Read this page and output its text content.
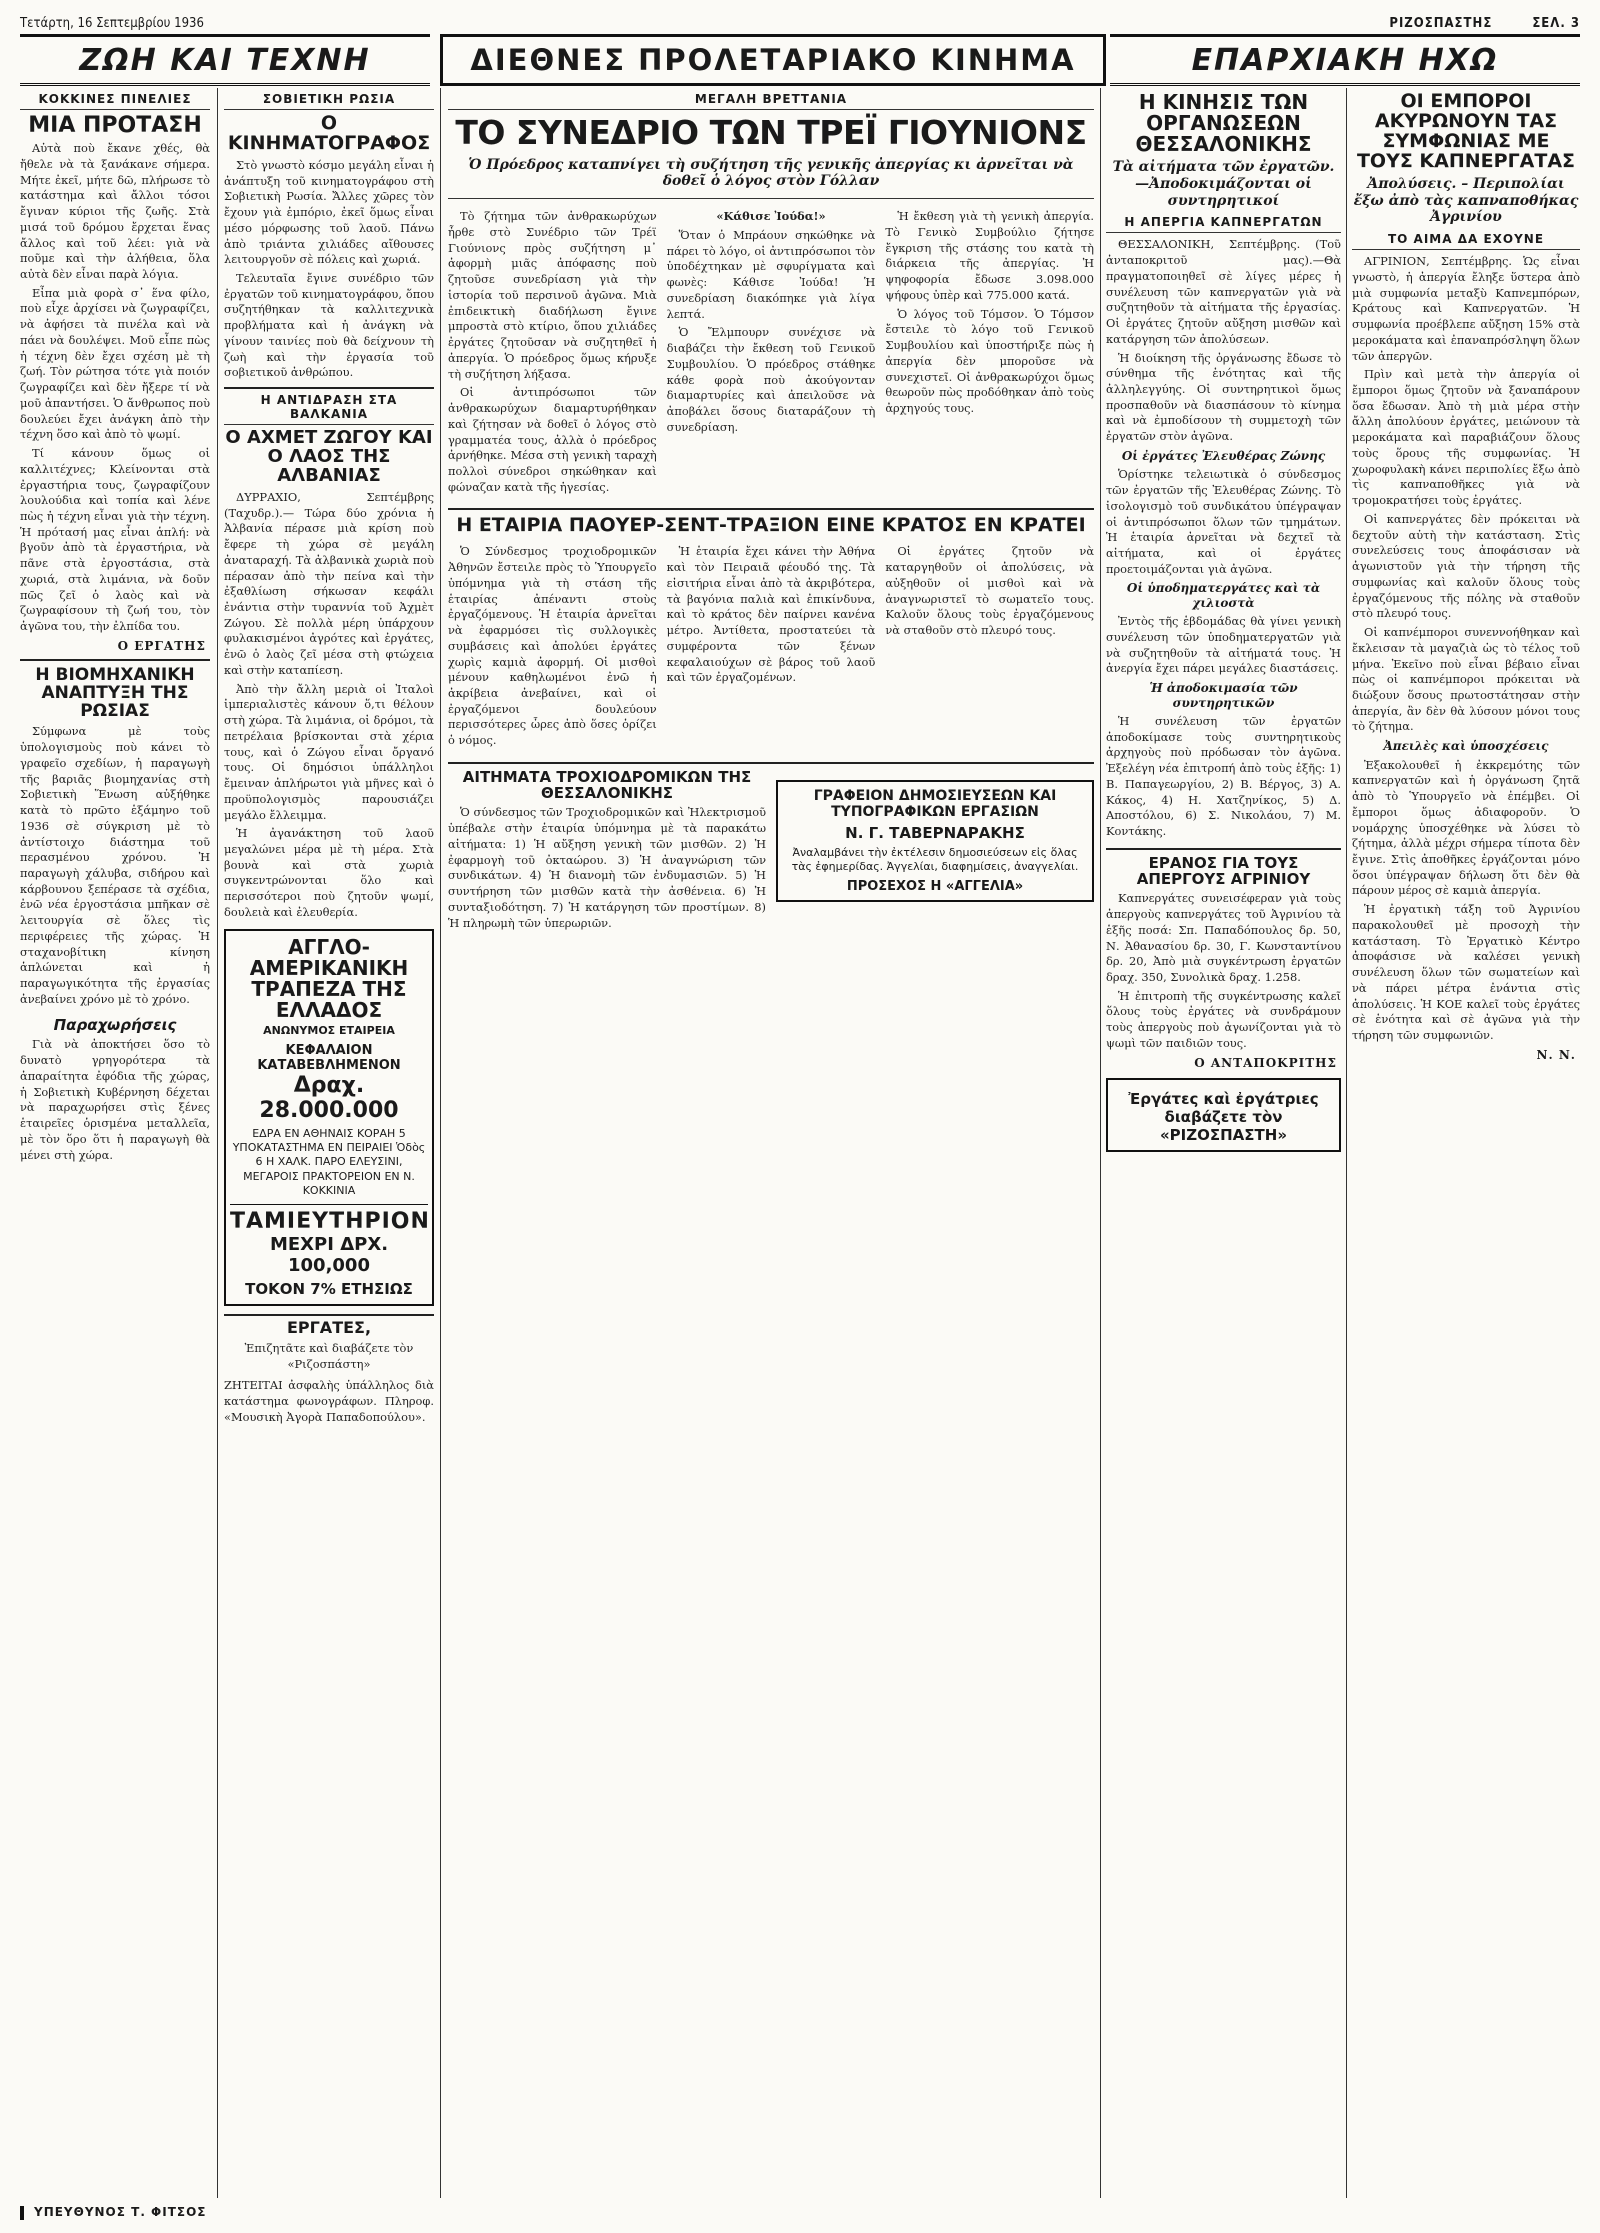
Τετάρτη, 16 Σεπτεμβρίου 1936	ΡΙΖΟΣΠΑΣΤΗΣ	ΣΕΛ. 3
ΖΩΗ ΚΑΙ ΤΕΧΝΗ	ΔΙΕΘΝΕΣ ΠΡΟΛΕΤΑΡΙΑΚΟ ΚΙΝΗΜΑ	ΕΠΑΡΧΙΑΚΗ ΗΧΩ
ΚΟΚΚΙΝΕΣ ΠΙΝΕΛΙΕΣ
ΜΙΑ ΠΡΟΤΑΣΗ

Αὐτὰ ποὺ ἔκανε χθές, θὰ ἤθελε νὰ τὰ ξανάκανε σήμερα. Μήτε ἐκεῖ, μήτε δῶ, πλήρωσε τὸ κατάστημα καὶ ἄλλοι τόσοι ἔγιναν κύριοι τῆς ζωῆς. Στὰ μισά τοῦ δρόμου ἔρχεται ἕνας ἄλλος καὶ τοῦ λέει: γιὰ νὰ ποῦμε καὶ τὴν ἀλήθεια, ὅλα αὐτὰ δὲν εἶναι παρὰ λόγια.

Εἶπα μιὰ φορὰ σ᾿ ἕνα φίλο, ποὺ εἶχε ἀρχίσει νὰ ζωγραφίζει, νὰ ἀφήσει τὰ πινέλα καὶ νὰ πάει νὰ δουλέψει. Μοῦ εἶπε πὼς ἡ τέχνη δὲν ἔχει σχέση μὲ τὴ ζωή. Τὸν ρώτησα τότε γιὰ ποιόν ζωγραφίζει καὶ δὲν ἤξερε τί νὰ μοῦ ἀπαντήσει. Ὁ ἄνθρωπος ποὺ δουλεύει ἔχει ἀνάγκη ἀπὸ τὴν τέχνη ὅσο καὶ ἀπὸ τὸ ψωμί.

Τί κάνουν ὅμως οἱ καλλιτέχνες; Κλείνονται στὰ ἐργαστήρια τους, ζωγραφίζουν λουλούδια καὶ τοπία καὶ λένε πὼς ἡ τέχνη εἶναι γιὰ τὴν τέχνη. Ἡ πρότασή μας εἶναι ἁπλή: νὰ βγοῦν ἀπὸ τὰ ἐργαστήρια, νὰ πᾶνε στὰ ἐργοστάσια, στὰ χωριά, στὰ λιμάνια, νὰ δοῦν πῶς ζεῖ ὁ λαὸς καὶ νὰ ζωγραφίσουν τὴ ζωή του, τὸν ἀγῶνα του, τὴν ἐλπίδα του.

Ο ΕΡΓΑΤΗΣ
Η ΒΙΟΜΗΧΑΝΙΚΗ ΑΝΑΠΤΥΞΗ ΤΗΣ ΡΩΣΙΑΣ

Σύμφωνα μὲ τοὺς ὑπολογισμοὺς ποὺ κάνει τὸ γραφεῖο σχεδίων, ἡ παραγωγὴ τῆς βαριᾶς βιομηχανίας στὴ Σοβιετικὴ Ἕνωση αὐξήθηκε κατὰ τὸ πρῶτο ἑξάμηνο τοῦ 1936 σὲ σύγκριση μὲ τὸ ἀντίστοιχο διάστημα τοῦ περασμένου χρόνου. Ἡ παραγωγὴ χάλυβα, σιδήρου καὶ κάρβουνου ξεπέρασε τὰ σχέδια, ἐνῶ νέα ἐργοστάσια μπῆκαν σὲ λειτουργία σὲ ὅλες τὶς περιφέρειες τῆς χώρας. Ἡ σταχανοβίτικη κίνηση ἁπλώνεται καὶ ἡ παραγωγικότητα τῆς ἐργασίας ἀνεβαίνει χρόνο μὲ τὸ χρόνο.

Παραχωρήσεις

Γιὰ νὰ ἀποκτήσει ὅσο τὸ δυνατὸ γρηγορότερα τὰ ἀπαραίτητα ἐφόδια τῆς χώρας, ἡ Σοβιετικὴ Κυβέρνηση δέχεται νὰ παραχωρήσει στὶς ξένες ἑταιρεῖες ὁρισμένα μεταλλεῖα, μὲ τὸν ὅρο ὅτι ἡ παραγωγὴ θὰ μένει στὴ χώρα.

ΣΟΒΙΕΤΙΚΗ ΡΩΣΙΑ
Ο ΚΙΝΗΜΑΤΟΓΡΑΦΟΣ

Στὸ γνωστὸ κόσμο μεγάλη εἶναι ἡ ἀνάπτυξη τοῦ κινηματογράφου στὴ Σοβιετικὴ Ρωσία. Ἄλλες χῶρες τὸν ἔχουν γιὰ ἐμπόριο, ἐκεῖ ὅμως εἶναι μέσο μόρφωσης τοῦ λαοῦ. Πάνω ἀπὸ τριάντα χιλιάδες αἴθουσες λειτουργοῦν σὲ πόλεις καὶ χωριά.

Τελευταῖα ἔγινε συνέδριο τῶν ἐργατῶν τοῦ κινηματογράφου, ὅπου συζητήθηκαν τὰ καλλιτεχνικὰ προβλήματα καὶ ἡ ἀνάγκη νὰ γίνουν ταινίες ποὺ θὰ δείχνουν τὴ ζωὴ καὶ τὴν ἐργασία τοῦ σοβιετικοῦ ἀνθρώπου.

Η ΑΝΤΙΔΡΑΣΗ ΣΤΑ ΒΑΛΚΑΝΙΑ
Ο ΑΧΜΕΤ ΖΩΓΟΥ ΚΑΙ Ο ΛΑΟΣ ΤΗΣ ΑΛΒΑΝΙΑΣ

ΔΥΡΡΑΧΙΟ, Σεπτέμβρης (Ταχυδρ.).— Τώρα δύο χρόνια ἡ Ἀλβανία πέρασε μιὰ κρίση ποὺ ἔφερε τὴ χώρα σὲ μεγάλη ἀναταραχή. Τὰ ἀλβανικὰ χωριὰ ποὺ πέρασαν ἀπὸ τὴν πείνα καὶ τὴν ἐξαθλίωση σήκωσαν κεφάλι ἐνάντια στὴν τυραννία τοῦ Ἀχμὲτ Ζώγου. Σὲ πολλὰ μέρη ὑπάρχουν φυλακισμένοι ἀγρότες καὶ ἐργάτες, ἐνῶ ὁ λαὸς ζεῖ μέσα στὴ φτώχεια καὶ στὴν καταπίεση.

Ἀπὸ τὴν ἄλλη μεριὰ οἱ Ἰταλοὶ ἰμπεριαλιστὲς κάνουν ὅ,τι θέλουν στὴ χώρα. Τὰ λιμάνια, οἱ δρόμοι, τὰ πετρέλαια βρίσκονται στὰ χέρια τους, καὶ ὁ Ζώγου εἶναι ὄργανό τους. Οἱ δημόσιοι ὑπάλληλοι ἔμειναν ἀπλήρωτοι γιὰ μῆνες καὶ ὁ προϋπολογισμὸς παρουσιάζει μεγάλο ἔλλειμμα.

Ἡ ἀγανάκτηση τοῦ λαοῦ μεγαλώνει μέρα μὲ τὴ μέρα. Στὰ βουνὰ καὶ στὰ χωριὰ συγκεντρώνονται ὅλο καὶ περισσότεροι ποὺ ζητοῦν ψωμί, δουλειὰ καὶ ἐλευθερία.

ΑΓΓΛΟ-ΑΜΕΡΙΚΑΝΙΚΗ ΤΡΑΠΕΖΑ ΤΗΣ ΕΛΛΑΔΟΣ
ΑΝΩΝΥΜΟΣ ΕΤΑΙΡΕΙΑ
ΚΕΦΑΛΑΙΟΝ ΚΑΤΑΒΕΒΛΗΜΕΝΟΝ
Δραχ. 28.000.000
ΕΔΡΑ ΕΝ ΑΘΗΝΑΙΣ ΚΟΡΑΗ 5 ΥΠΟΚΑΤΑΣΤΗΜΑ ΕΝ ΠΕΙΡΑΙΕΙ Ὁδὸς 6 Η ΧΑΛΚ. ΠΑΡΟ ΕΛΕΥΣΙΝΙ, ΜΕΓΑΡΟΙΣ ΠΡΑΚΤΟΡΕΙΟΝ ΕΝ Ν. ΚΟΚΚΙΝΙΑ
ΤΑΜΙΕΥΤΗΡΙΟΝ
ΜΕΧΡΙ ΔΡΧ. 100,000
ΤΟΚΟΝ 7% ΕΤΗΣΙΩΣ
ΕΡΓΑΤΕΣ,
Ἐπιζητᾶτε καὶ διαβάζετε τὸν «Ριζοσπάστη»
ΖΗΤΕΙΤΑΙ ἀσφαλὴς ὑπάλληλος διὰ κατάστημα φωνογράφων. Πληροφ. «Μουσικὴ Ἀγορὰ Παπαδοπούλου».
ΜΕΓΑΛΗ ΒΡΕΤΤΑΝΙΑ
ΤΟ ΣΥΝΕΔΡΙΟ ΤΩΝ ΤΡΕΪ ΓΙΟΥΝΙΟΝΣ
Ὁ Πρόεδρος καταπνίγει τὴ συζήτηση τῆς γενικῆς ἀπεργίας κι ἀρνεῖται νὰ δοθεῖ ὁ λόγος στὸν Γόλλαν

Τὸ ζήτημα τῶν ἀνθρακωρύχων ἦρθε στὸ Συνέδριο τῶν Τρέϊ Γιούνιονς πρὸς συζήτηση μ᾿ ἀφορμὴ μιᾶς ἀπόφασης ποὺ ζητοῦσε συνεδρίαση γιὰ τὴν ἱστορία τοῦ περσινοῦ ἀγῶνα. Μιὰ ἐπιδεικτικὴ διαδήλωση ἔγινε μπροστὰ στὸ κτίριο, ὅπου χιλιάδες ἐργάτες ζητοῦσαν νὰ συζητηθεῖ ἡ ἀπεργία. Ὁ πρόεδρος ὅμως κήρυξε τὴ συζήτηση λήξασα.

Οἱ ἀντιπρόσωποι τῶν ἀνθρακωρύχων διαμαρτυρήθηκαν καὶ ζήτησαν νὰ δοθεῖ ὁ λόγος στὸ γραμματέα τους, ἀλλὰ ὁ πρόεδρος ἀρνήθηκε. Μέσα στὴ γενικὴ ταραχὴ πολλοὶ σύνεδροι σηκώθηκαν καὶ φώναζαν κατὰ τῆς ἡγεσίας.

«Κάθισε Ἰούδα!»

Ὅταν ὁ Μπράουν σηκώθηκε νὰ πάρει τὸ λόγο, οἱ ἀντιπρόσωποι τὸν ὑποδέχτηκαν μὲ σφυρίγματα καὶ φωνὲς: Κάθισε Ἰούδα! Ἡ συνεδρίαση διακόπηκε γιὰ λίγα λεπτά.

Ὁ Ἔλμπουρν συνέχισε νὰ διαβάζει τὴν ἔκθεση τοῦ Γενικοῦ Συμβουλίου. Ὁ πρόεδρος στάθηκε κάθε φορὰ ποὺ ἀκούγονταν διαμαρτυρίες καὶ ἀπειλοῦσε νὰ ἀποβάλει ὅσους διαταράζουν τὴ συνεδρίαση.

Ἡ ἔκθεση γιὰ τὴ γενικὴ ἀπεργία. Τὸ Γενικὸ Συμβούλιο ζήτησε ἔγκριση τῆς στάσης του κατὰ τὴ διάρκεια τῆς ἀπεργίας. Ἡ ψηφοφορία ἔδωσε 3.098.000 ψήφους ὑπὲρ καὶ 775.000 κατά.

Ὁ λόγος τοῦ Τόμσον. Ὁ Τόμσον ἔστειλε τὸ λόγο τοῦ Γενικοῦ Συμβουλίου καὶ ὑποστήριξε πὼς ἡ ἀπεργία δὲν μποροῦσε νὰ συνεχιστεῖ. Οἱ ἀνθρακωρύχοι ὅμως θεωροῦν πὼς προδόθηκαν ἀπὸ τοὺς ἀρχηγούς τους.

Η ΕΤΑΙΡΙΑ ΠΑΟΥΕΡ-ΣΕΝΤ-ΤΡΑΞΙΟΝ ΕΙΝΕ ΚΡΑΤΟΣ ΕΝ ΚΡΑΤΕΙ

Ὁ Σύνδεσμος τροχιοδρομικῶν Ἀθηνῶν ἔστειλε πρὸς τὸ Ὑπουργεῖο ὑπόμνημα γιὰ τὴ στάση τῆς ἑταιρίας ἀπέναντι στοὺς ἐργαζόμενους. Ἡ ἑταιρία ἀρνεῖται νὰ ἐφαρμόσει τὶς συλλογικὲς συμβάσεις καὶ ἀπολύει ἐργάτες χωρὶς καμιὰ ἀφορμή. Οἱ μισθοὶ μένουν καθηλωμένοι ἐνῶ ἡ ἀκρίβεια ἀνεβαίνει, καὶ οἱ ἐργαζόμενοι δουλεύουν περισσότερες ὧρες ἀπὸ ὅσες ὁρίζει ὁ νόμος.

Ἡ ἑταιρία ἔχει κάνει τὴν Ἀθήνα καὶ τὸν Πειραιᾶ φέουδό της. Τὰ εἰσιτήρια εἶναι ἀπὸ τὰ ἀκριβότερα, τὰ βαγόνια παλιὰ καὶ ἐπικίνδυνα, καὶ τὸ κράτος δὲν παίρνει κανένα μέτρο. Ἀντίθετα, προστατεύει τὰ συμφέροντα τῶν ξένων κεφαλαιούχων σὲ βάρος τοῦ λαοῦ καὶ τῶν ἐργαζομένων.

Οἱ ἐργάτες ζητοῦν νὰ καταργηθοῦν οἱ ἀπολύσεις, νὰ αὐξηθοῦν οἱ μισθοὶ καὶ νὰ ἀναγνωριστεῖ τὸ σωματεῖο τους. Καλοῦν ὅλους τοὺς ἐργαζόμενους νὰ σταθοῦν στὸ πλευρό τους.

ΑΙΤΗΜΑΤΑ ΤΡΟΧΙΟΔΡΟΜΙΚΩΝ ΤΗΣ ΘΕΣΣΑΛΟΝΙΚΗΣ

Ὁ σύνδεσμος τῶν Τροχιοδρομικῶν καὶ Ἠλεκτρισμοῦ ὑπέβαλε στὴν ἑταιρία ὑπόμνημα μὲ τὰ παρακάτω αἰτήματα: 1) Ἡ αὔξηση γενικὴ τῶν μισθῶν. 2) Ἡ ἐφαρμογὴ τοῦ ὀκταώρου. 3) Ἡ ἀναγνώριση τῶν συνδικάτων. 4) Ἡ διανομὴ τῶν ἐνδυμασιῶν. 5) Ἡ συντήρηση τῶν μισθῶν κατὰ τὴν ἀσθένεια. 6) Ἡ συνταξιοδότηση. 7) Ἡ κατάργηση τῶν προστίμων. 8) Ἡ πληρωμὴ τῶν ὑπερωριῶν.

ΓΡΑΦΕΙΟΝ ΔΗΜΟΣΙΕΥΣΕΩΝ ΚΑΙ ΤΥΠΟΓΡΑΦΙΚΩΝ ΕΡΓΑΣΙΩΝ
Ν. Γ. ΤΑΒΕΡΝΑΡΑΚΗΣ
Ἀναλαμβάνει τὴν ἐκτέλεσιν δημοσιεύσεων εἰς ὅλας τὰς ἐφημερίδας. Ἀγγελίαι, διαφημίσεις, ἀναγγελίαι.
ΠΡΟΣΕΧΟΣ Η «ΑΓΓΕΛΙΑ»
Η ΚΙΝΗΣΙΣ ΤΩΝ ΟΡΓΑΝΩΣΕΩΝ ΘΕΣΣΑΛΟΝΙΚΗΣ
Τὰ αἰτήματα τῶν ἐργατῶν.—Ἀποδοκιμάζονται οἱ συντηρητικοί
Η ΑΠΕΡΓΙΑ ΚΑΠΝΕΡΓΑΤΩΝ

ΘΕΣΣΑΛΟΝΙΚΗ, Σεπτέμβρης. (Τοῦ ἀνταποκριτοῦ μας).—Θὰ πραγματοποιηθεῖ σὲ λίγες μέρες ἡ συνέλευση τῶν καπνεργατῶν γιὰ νὰ συζητηθοῦν τὰ αἰτήματα τῆς ἐργασίας. Οἱ ἐργάτες ζητοῦν αὔξηση μισθῶν καὶ κατάργηση τῶν ἀπολύσεων.

Ἡ διοίκηση τῆς ὀργάνωσης ἔδωσε τὸ σύνθημα τῆς ἑνότητας καὶ τῆς ἀλληλεγγύης. Οἱ συντηρητικοὶ ὅμως προσπαθοῦν νὰ διασπάσουν τὸ κίνημα καὶ νὰ ἐμποδίσουν τὴ συμμετοχὴ τῶν ἐργατῶν στὸν ἀγῶνα.

Οἱ ἐργάτες Ἐλευθέρας Ζώνης

Ὁρίστηκε τελειωτικὰ ὁ σύνδεσμος τῶν ἐργατῶν τῆς Ἐλευθέρας Ζώνης. Τὸ ἰσολογισμὸ τοῦ συνδικάτου ὑπέγραψαν οἱ ἀντιπρόσωποι ὅλων τῶν τμημάτων. Ἡ ἑταιρία ἀρνεῖται νὰ δεχτεῖ τὰ αἰτήματα, καὶ οἱ ἐργάτες προετοιμάζονται γιὰ ἀγῶνα.

Οἱ ὑποδηματεργάτες καὶ τὰ χιλιοστὰ

Ἐντὸς τῆς ἑβδομάδας θὰ γίνει γενικὴ συνέλευση τῶν ὑποδηματεργατῶν γιὰ νὰ συζητηθοῦν τὰ αἰτήματά τους. Ἡ ἀνεργία ἔχει πάρει μεγάλες διαστάσεις.

Ἡ ἀποδοκιμασία τῶν συντηρητικῶν

Ἡ συνέλευση τῶν ἐργατῶν ἀποδοκίμασε τοὺς συντηρητικοὺς ἀρχηγοὺς ποὺ πρόδωσαν τὸν ἀγῶνα. Ἐξελέγη νέα ἐπιτροπή ἀπὸ τοὺς ἑξῆς: 1) Β. Παπαγεωργίου, 2) Β. Βέργος, 3) Α. Κάκος, 4) Η. Χατζηνίκος, 5) Δ. Αποστόλου, 6) Σ. Νικολάου, 7) Μ. Κοντάκης.

ΕΡΑΝΟΣ ΓΙΑ ΤΟΥΣ ΑΠΕΡΓΟΥΣ ΑΓΡΙΝΙΟΥ

Καπνεργάτες συνεισέφεραν γιὰ τοὺς ἀπεργοὺς καπνεργάτες τοῦ Ἀγρινίου τὰ ἑξῆς ποσά: Σπ. Παπαδόπουλος δρ. 50, Ν. Ἀθανασίου δρ. 30, Γ. Κωνσταντίνου δρ. 20, Ἀπὸ μιὰ συγκέντρωση ἐργατῶν δραχ. 350, Συνολικὰ δραχ. 1.258.

Ἡ ἐπιτροπὴ τῆς συγκέντρωσης καλεῖ ὅλους τοὺς ἐργάτες νὰ συνδράμουν τοὺς ἀπεργοὺς ποὺ ἀγωνίζονται γιὰ τὸ ψωμὶ τῶν παιδιῶν τους.

Ο ΑΝΤΑΠΟΚΡΙΤΗΣ
Ἐργάτες καὶ ἐργάτριες διαβάζετε τὸν «ΡΙΖΟΣΠΑΣΤΗ»
ΟΙ ΕΜΠΟΡΟΙ ΑΚΥΡΩΝΟΥΝ ΤΑΣ ΣΥΜΦΩΝΙΑΣ ΜΕ ΤΟΥΣ ΚΑΠΝΕΡΓΑΤΑΣ
Ἀπολύσεις. – Περιπολίαι ἔξω ἀπὸ τὰς καπναποθήκας Ἀγρινίου
ΤΟ ΑΙΜΑ ΔΑ ΕΧΟΥΝΕ

ΑΓΡΙΝΙΟΝ, Σεπτέμβρης. Ὡς εἶναι γνωστὸ, ἡ ἀπεργία ἔληξε ὕστερα ἀπὸ μιὰ συμφωνία μεταξὺ Καπνεμπόρων, Κράτους καὶ Καπνεργατῶν. Ἡ συμφωνία προέβλεπε αὔξηση 15% στὰ μεροκάματα καὶ ἐπαναπρόσληψη ὅλων τῶν ἀπεργῶν.

Πρὶν καὶ μετὰ τὴν ἀπεργία οἱ ἔμποροι ὅμως ζητοῦν νὰ ξαναπάρουν ὅσα ἔδωσαν. Ἀπὸ τὴ μιὰ μέρα στὴν ἄλλη ἀπολύουν ἐργάτες, μειώνουν τὰ μεροκάματα καὶ παραβιάζουν ὅλους τοὺς ὅρους τῆς συμφωνίας. Ἡ χωροφυλακὴ κάνει περιπολίες ἔξω ἀπὸ τὶς καπναποθῆκες γιὰ νὰ τρομοκρατήσει τοὺς ἐργάτες.

Οἱ καπνεργάτες δὲν πρόκειται νὰ δεχτοῦν αὐτὴ τὴν κατάσταση. Στὶς συνελεύσεις τους ἀποφάσισαν νὰ ἀγωνιστοῦν γιὰ τὴν τήρηση τῆς συμφωνίας καὶ καλοῦν ὅλους τοὺς ἐργαζόμενους τῆς πόλης νὰ σταθοῦν στὸ πλευρό τους.

Οἱ καπνέμποροι συνεννοήθηκαν καὶ ἔκλεισαν τὰ μαγαζιὰ ὡς τὸ τέλος τοῦ μήνα. Ἐκεῖνο ποὺ εἶναι βέβαιο εἶναι πὼς οἱ καπνέμποροι πρόκειται νὰ διώξουν ὅσους πρωτοστάτησαν στὴν ἀπεργία, ἂν δὲν θὰ λύσουν μόνοι τους τὸ ζήτημα.

Ἀπειλὲς καὶ ὑποσχέσεις

Ἐξακολουθεῖ ἡ ἐκκρεμότης τῶν καπνεργατῶν καὶ ἡ ὀργάνωση ζητᾶ ἀπὸ τὸ Ὑπουργεῖο νὰ ἐπέμβει. Οἱ ἔμποροι ὅμως ἀδιαφοροῦν. Ὁ νομάρχης ὑποσχέθηκε νὰ λύσει τὸ ζήτημα, ἀλλὰ μέχρι σήμερα τίποτα δὲν ἔγινε. Στὶς ἀποθῆκες ἐργάζονται μόνο ὅσοι ὑπέγραψαν δήλωση ὅτι δὲν θὰ πάρουν μέρος σὲ καμιὰ ἀπεργία.

Ἡ ἐργατικὴ τάξη τοῦ Ἀγρινίου παρακολουθεῖ μὲ προσοχὴ τὴν κατάσταση. Τὸ Ἐργατικὸ Κέντρο ἀποφάσισε νὰ καλέσει γενικὴ συνέλευση ὅλων τῶν σωματείων καὶ νὰ πάρει μέτρα ἐνάντια στὶς ἀπολύσεις. Ἡ ΚΟΕ καλεῖ τοὺς ἐργάτες σὲ ἑνότητα καὶ σὲ ἀγῶνα γιὰ τὴν τήρηση τῶν συμφωνιῶν.

Ν. Ν.
ΥΠΕΥΘΥΝΟΣ Τ. ΦΙΤΣΟΣ
